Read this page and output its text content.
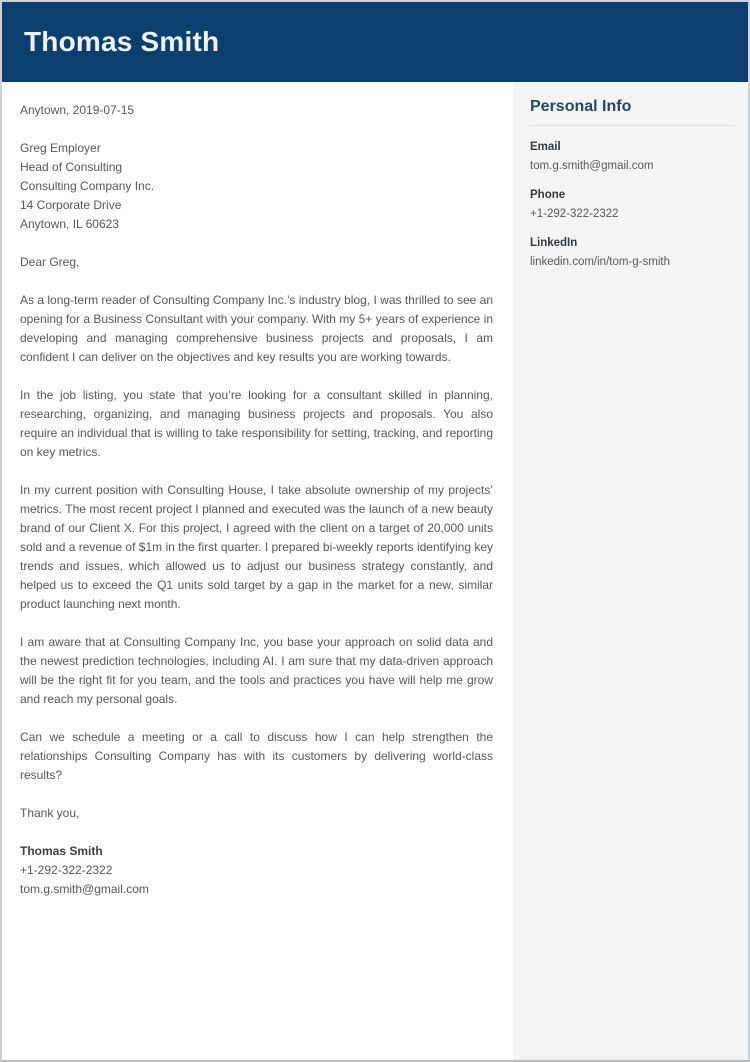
Thomas Smith
Anytown, 2019-07-15
Greg Employer
Head of Consulting
Consulting Company Inc.
14 Corporate Drive
Anytown, IL 60623
Dear Greg,

As a long-term reader of Consulting Company Inc.’s industry blog, I was thrilled to see an opening for a Business Consultant with your company. With my 5+ years of experience in developing and managing comprehensive business projects and proposals, I am confident I can deliver on the objectives and key results you are working towards.

In the job listing, you state that you’re looking for a consultant skilled in planning, researching, organizing, and managing business projects and proposals. You also require an individual that is willing to take responsibility for setting, tracking, and reporting on key metrics.

In my current position with Consulting House, I take absolute ownership of my projects’ metrics. The most recent project I planned and executed was the launch of a new beauty brand of our Client X. For this project, I agreed with the client on a target of 20,000 units sold and a revenue of $1m in the first quarter. I prepared bi-weekly reports identifying key trends and issues, which allowed us to adjust our business strategy constantly, and helped us to exceed the Q1 units sold target by a gap in the market for a new, similar product launching next month.

I am aware that at Consulting Company Inc, you base your approach on solid data and the newest prediction technologies, including AI. I am sure that my data-driven approach will be the right fit for you team, and the tools and practices you have will help me grow and reach my personal goals.

Can we schedule a meeting or a call to discuss how I can help strengthen the relationships Consulting Company has with its customers by delivering world-class results?

Thank you,
Thomas Smith
+1-292-322-2322
tom.g.smith@gmail.com
Personal Info
Email
tom.g.smith@gmail.com
Phone
+1-292-322-2322
LinkedIn
linkedin.com/in/tom-g-smith
